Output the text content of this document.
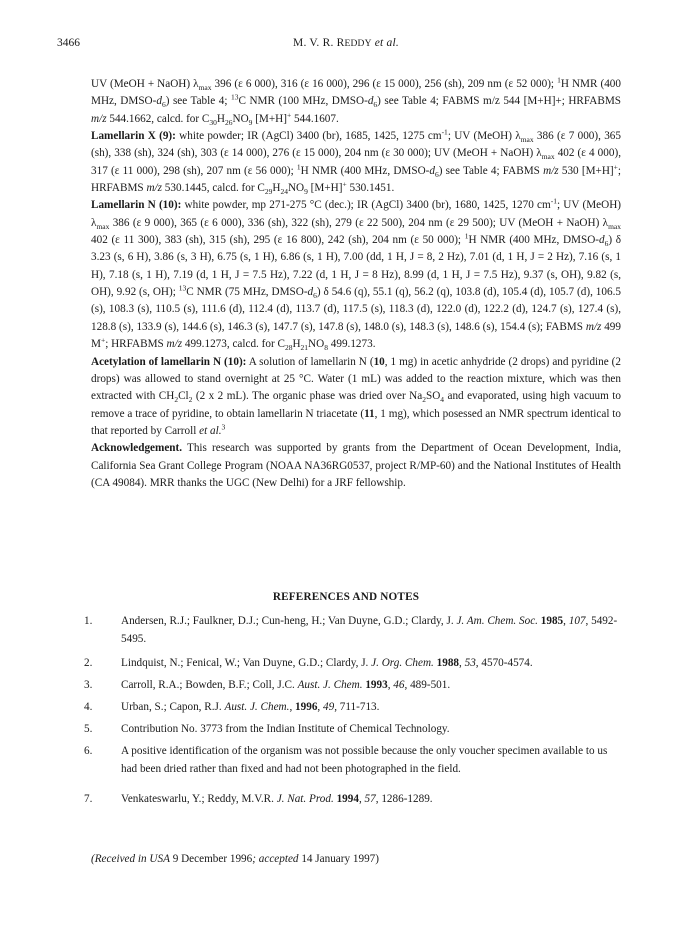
3466	M. V. R. REDDY et al.

UV (MeOH + NaOH) $\lambda_{max}$ 396 (ε 6 000), 316 (ε 16 000), 296 (ε 15 000), 256 (sh), 209 nm (ε 52 000); $^1$H NMR (400 MHz, DMSO-$d_6$) see Table 4; $^{13}$C NMR (100 MHz, DMSO-$d_6$) see Table 4; FABMS m/z 544 [M+H]+; HRFABMS m/z 544.1662, calcd. for $C_{30}H_{26}NO_9$ [M+H]+ 544.1607.

Lamellarin X (9): white powder; IR (AgCl) 3400 (br), 1685, 1425, 1275 $cm^{-1}$; UV (MeOH) $\lambda_{max}$ 386 (ε 7 000), 365 (sh), 338 (sh), 324 (sh), 303 (ε 14 000), 276 (ε 15 000), 204 nm (ε 30 000); UV (MeOH + NaOH) $\lambda_{max}$ 402 (ε 4 000), 317 (ε 11 000), 298 (sh), 207 nm (ε 56 000); $^1$H NMR (400 MHz, DMSO-$d_6$) see Table 4; FABMS m/z 530 [M+H]+; HRFABMS m/z 530.1445, calcd. for $C_{29}H_{24}NO_9$ [M+H]+ 530.1451.

Lamellarin N (10): white powder, mp 271-275 °C (dec.); IR (AgCl) 3400 (br), 1680, 1425, 1270 $cm^{-1}$; UV (MeOH) $\lambda_{max}$ 386 (ε 9 000), 365 (ε 6 000), 336 (sh), 322 (sh), 279 (ε 22 500), 204 nm (ε 29 500); UV (MeOH + NaOH) $\lambda_{max}$ 402 (ε 11 300), 383 (sh), 315 (sh), 295 (ε 16 800), 242 (sh), 204 nm (ε 50 000); $^1$H NMR (400 MHz, DMSO-$d_6$) δ 3.23 (s, 6 H), 3.86 (s, 3 H), 6.75 (s, 1 H), 6.86 (s, 1 H), 7.00 (dd, 1 H, J = 8, 2 Hz), 7.01 (d, 1 H, J = 2 Hz), 7.16 (s, 1 H), 7.18 (s, 1 H), 7.19 (d, 1 H, J = 7.5 Hz), 7.22 (d, 1 H, J = 8 Hz), 8.99 (d, 1 H, J = 7.5 Hz), 9.37 (s, OH), 9.82 (s, OH), 9.92 (s, OH); $^{13}$C NMR (75 MHz, DMSO-$d_6$) δ 54.6 (q), 55.1 (q), 56.2 (q), 103.8 (d), 105.4 (d), 105.7 (d), 106.5 (s), 108.3 (s), 110.5 (s), 111.6 (d), 112.4 (d), 113.7 (d), 117.5 (s), 118.3 (d), 122.0 (d), 122.2 (d), 124.7 (s), 127.4 (s), 128.8 (s), 133.9 (s), 144.6 (s), 146.3 (s), 147.7 (s), 147.8 (s), 148.0 (s), 148.3 (s), 148.6 (s), 154.4 (s); FABMS m/z 499 M+; HRFABMS m/z 499.1273, calcd. for $C_{28}H_{21}NO_8$ 499.1273.

Acetylation of lamellarin N (10): A solution of lamellarin N (10, 1 mg) in acetic anhydride (2 drops) and pyridine (2 drops) was allowed to stand overnight at 25 °C. Water (1 mL) was added to the reaction mixture, which was then extracted with $CH_2Cl_2$ (2 x 2 mL). The organic phase was dried over $Na_2SO_4$ and evaporated, using high vacuum to remove a trace of pyridine, to obtain lamellarin N triacetate (11, 1 mg), which posessed an NMR spectrum identical to that reported by Carroll et al.$^3$

Acknowledgement. This research was supported by grants from the Department of Ocean Development, India, California Sea Grant College Program (NOAA NA36RG0537, project R/MP-60) and the National Institutes of Health (CA 49084). MRR thanks the UGC (New Delhi) for a JRF fellowship.

REFERENCES AND NOTES
1.	Andersen, R.J.; Faulkner, D.J.; Cun-heng, H.; Van Duyne, G.D.; Clardy, J. J. Am. Chem. Soc. 1985, 107, 5492-5495.
2.	Lindquist, N.; Fenical, W.; Van Duyne, G.D.; Clardy, J. J. Org. Chem. 1988, 53, 4570-4574.
3.	Carroll, R.A.; Bowden, B.F.; Coll, J.C. Aust. J. Chem. 1993, 46, 489-501.
4.	Urban, S.; Capon, R.J. Aust. J. Chem., 1996, 49, 711-713.
5.	Contribution No. 3773 from the Indian Institute of Chemical Technology.
6.	A positive identification of the organism was not possible because the only voucher specimen available to us had been dried rather than fixed and had not been photographed in the field.
7.	Venkateswarlu, Y.; Reddy, M.V.R. J. Nat. Prod. 1994, 57, 1286-1289.
(Received in USA 9 December 1996; accepted 14 January 1997)
